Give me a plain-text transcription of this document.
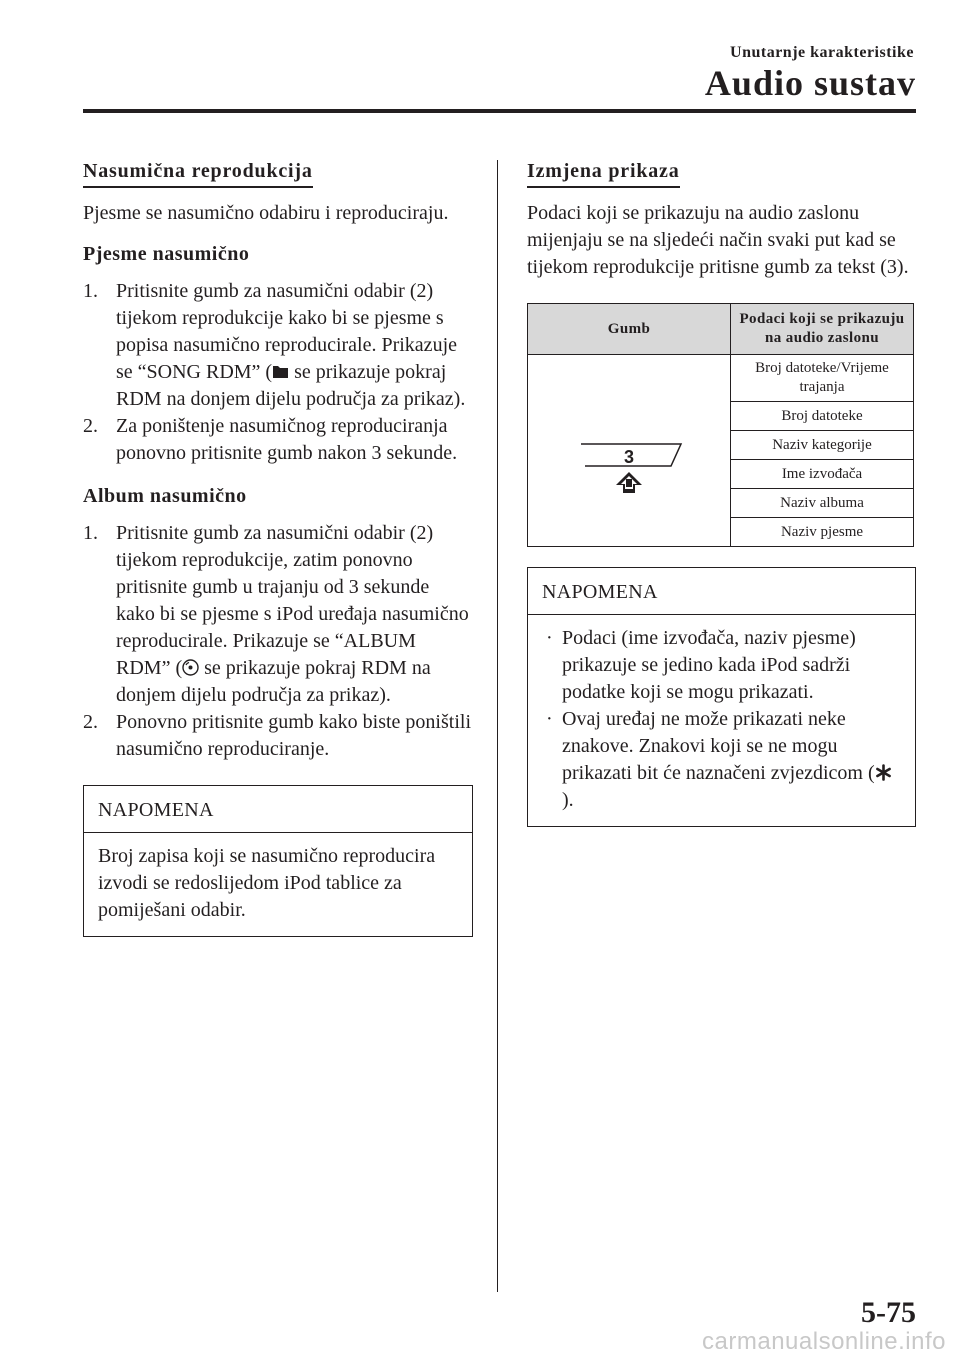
Unutarnje karakteristike
Audio sustav
Nasumična reprodukcija

Pjesme se nasumično odabiru i reproduciraju.

Pjesme nasumično
1. Pritisnite gumb za nasumični odabir (2) tijekom reprodukcije kako bi se pjesme s popisa nasumično reproducirale. Prikazuje se “SONG RDM” ( se prikazuje pokraj RDM na donjem dijelu područja za prikaz).
2. Za poništenje nasumičnog reproduciranja ponovno pritisnite gumb nakon 3 sekunde.
Album nasumično
1. Pritisnite gumb za nasumični odabir (2) tijekom reprodukcije, zatim ponovno pritisnite gumb u trajanju od 3 sekunde kako bi se pjesme s iPod uređaja nasumično reproducirale. Prikazuje se “ALBUM RDM” ( se prikazuje pokraj RDM na donjem dijelu područja za prikaz).
2. Ponovno pritisnite gumb kako biste poništili nasumično reproduciranje.
NAPOMENA
Broj zapisa koji se nasumično reproducira izvodi se redoslijedom iPod tablice za pomiješani odabir.
Izmjena prikaza

Podaci koji se prikazuju na audio zaslonu mijenjaju se na sljedeći način svaki put kad se tijekom reprodukcije pritisne gumb za tekst (3).

Gumb	Podaci koji se prikazuju na audio zaslonu

3	Broj datoteke/Vrijeme trajanja
	Broj datoteke
	Naziv kategorije
	Ime izvođača
	Naziv albuma
	Naziv pjesme
NAPOMENA
· Podaci (ime izvođača, naziv pjesme) prikazuje se jedino kada iPod sadrži podatke koji se mogu prikazati.
· Ovaj uređaj ne može prikazati neke znakove. Znakovi koji se ne mogu prikazati bit će naznačeni zvjezdicom ().
5-75
carmanualsonline.info
